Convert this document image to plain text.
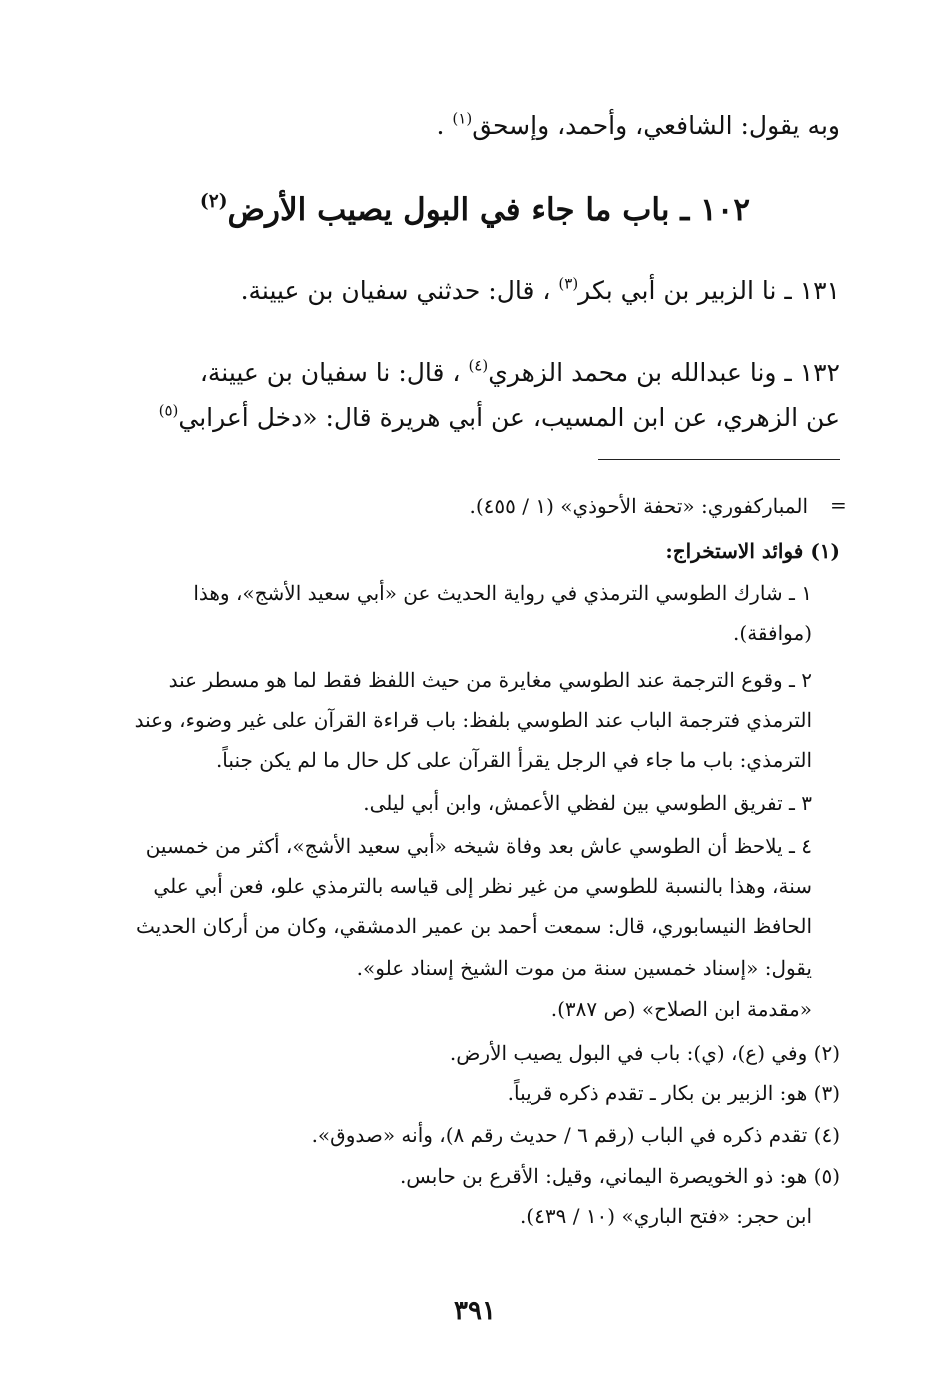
وبه يقول: الشافعي، وأحمد، وإسحق$^{(١)}$ .
١٠٢ ـ باب ما جاء في البول يصيب الأرض$^{(٢)}$
١٣١ ـ نا الزبير بن أبي بكر$^{(٣)}$ ، قال: حدثني سفيان بن عيينة.
١٣٢ ـ ونا عبدالله بن محمد الزهري$^{(٤)}$ ، قال: نا سفيان بن عيينة،
عن الزهري، عن ابن المسيب، عن أبي هريرة قال: «دخل أعرابي$^{(٥)}$
=
المباركفوري: «تحفة الأحوذي» (١ / ٤٥٥).
(١) فوائد الاستخراج:
١ ـ شارك الطوسي الترمذي في رواية الحديث عن «أبي سعيد الأشج»، وهذا
(موافقة).
٢ ـ وقوع الترجمة عند الطوسي مغايرة من حيث اللفظ فقط لما هو مسطر عند
الترمذي فترجمة الباب عند الطوسي بلفظ: باب قراءة القرآن على غير وضوء، وعند
الترمذي: باب ما جاء في الرجل يقرأ القرآن على كل حال ما لم يكن جنباً.
٣ ـ تفريق الطوسي بين لفظي الأعمش، وابن أبي ليلى.
٤ ـ يلاحظ أن الطوسي عاش بعد وفاة شيخه «أبي سعيد الأشج»، أكثر من خمسين
سنة، وهذا بالنسبة للطوسي من غير نظر إلى قياسه بالترمذي علو، فعن أبي علي
الحافظ النيسابوري، قال: سمعت أحمد بن عمير الدمشقي، وكان من أركان الحديث
يقول: «إسناد خمسين سنة من موت الشيخ إسناد علو».
«مقدمة ابن الصلاح» (ص ٣٨٧).
(٢) وفي (ع)، (ي): باب في البول يصيب الأرض.
(٣) هو: الزبير بن بكار ـ تقدم ذكره قريباً.
(٤) تقدم ذكره في الباب (رقم ٦ / حديث رقم ٨)، وأنه «صدوق».
(٥) هو: ذو الخويصرة اليماني، وقيل: الأقرع بن حابس.
ابن حجر: «فتح الباري» (١٠ / ٤٣٩).
٣٩١
